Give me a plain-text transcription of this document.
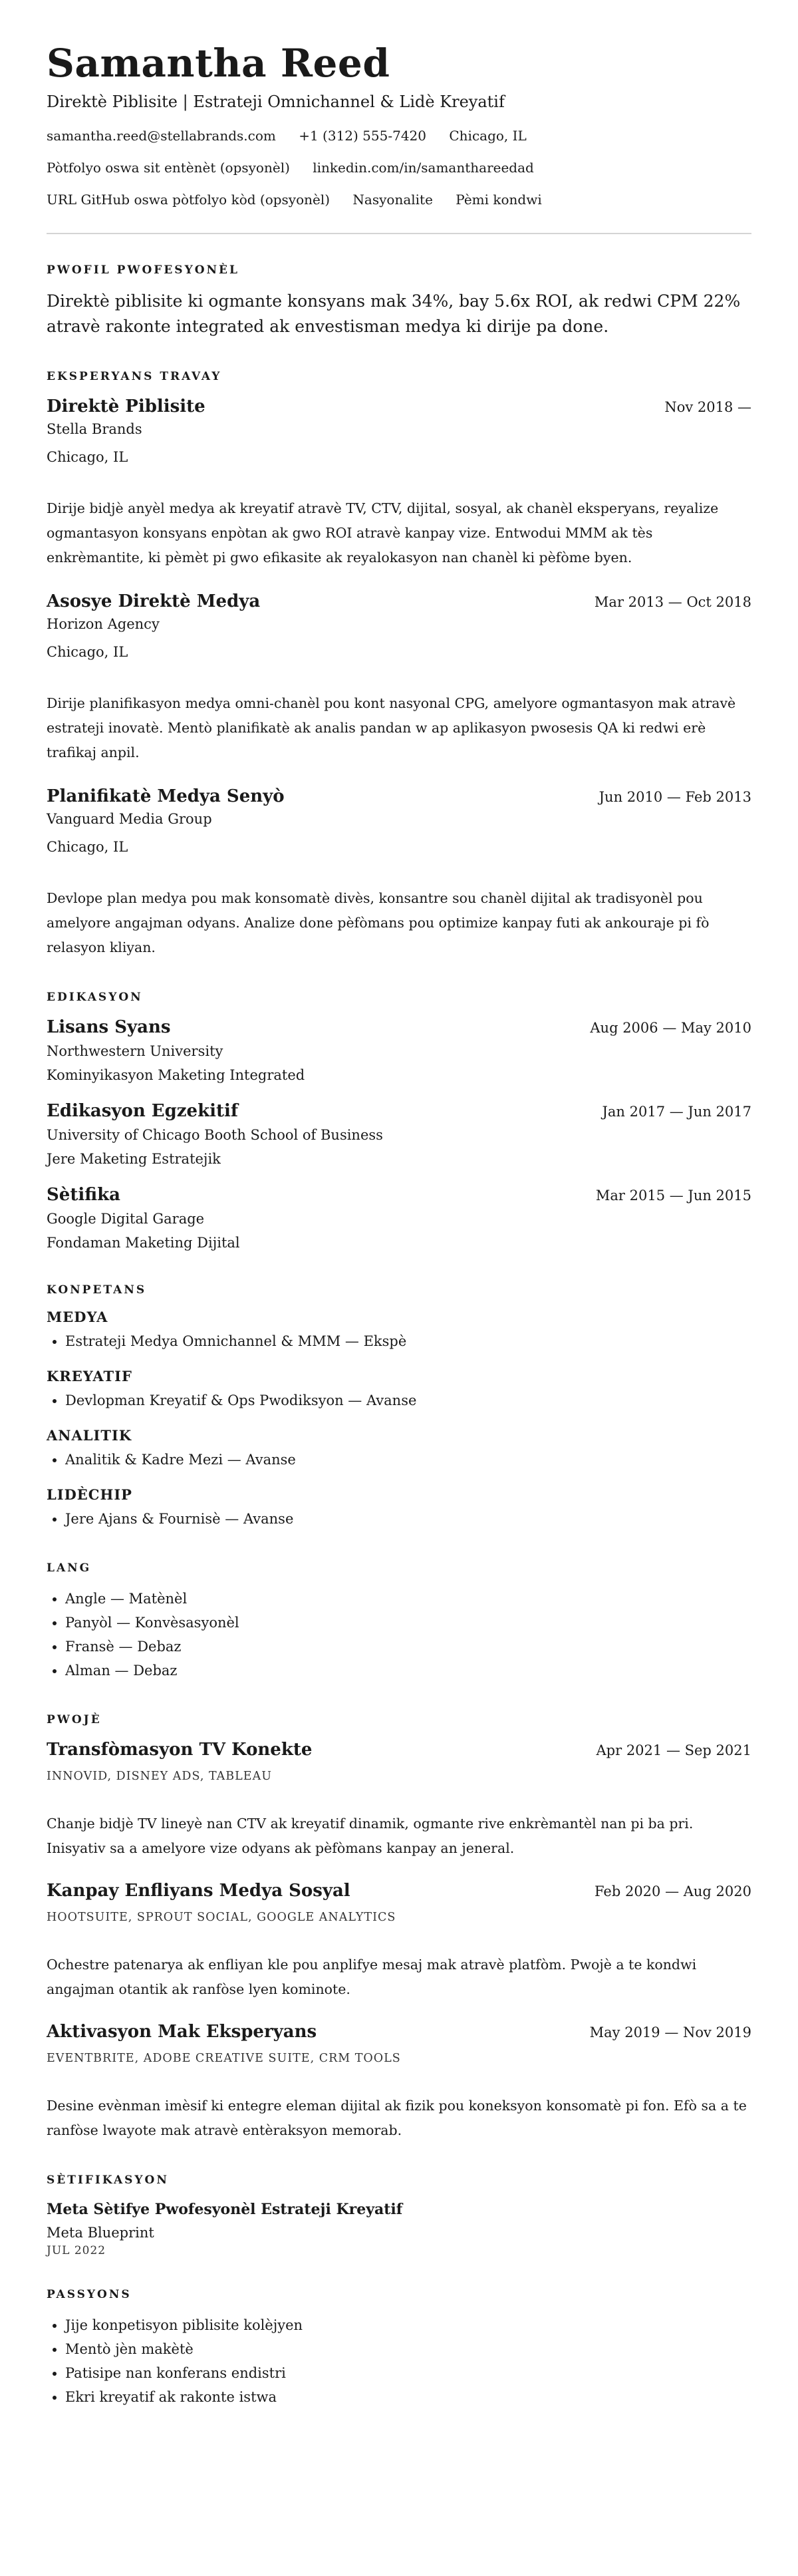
Samantha Reed
Direktè Piblisite | Estrateji Omnichannel & Lidè Kreyatif
samantha.reed@stellabrands.com +1 (312) 555-7420 Chicago, IL
Pòtfolyo oswa sit entènèt (opsyonèl) linkedin.com/in/samanthareedad
URL GitHub oswa pòtfolyo kòd (opsyonèl) Nasyonalite Pèmi kondwi
PWOFIL PWOFESYONÈL

Direktè piblisite ki ogmante konsyans mak 34%, bay 5.6x ROI, ak redwi CPM 22% atravè rakonte integrated ak envestisman medya ki dirije pa done.

EKSPERYANS TRAVAY
Direktè Piblisite	Nov 2018 —
Stella Brands
Chicago, IL
Dirije bidjè anyèl medya ak kreyatif atravè TV, CTV, dijital, sosyal, ak chanèl eksperyans, reyalize ogmantasyon konsyans enpòtan ak gwo ROI atravè kanpay vize. Entwodui MMM ak tès enkrèmantite, ki pèmèt pi gwo efikasite ak reyalokasyon nan chanèl ki pèfòme byen.
Asosye Direktè Medya	Mar 2013 — Oct 2018
Horizon Agency
Chicago, IL
Dirije planifikasyon medya omni-chanèl pou kont nasyonal CPG, amelyore ogmantasyon mak atravè estrateji inovatè. Mentò planifikatè ak analis pandan w ap aplikasyon pwosesis QA ki redwi erè trafikaj anpil.
Planifikatè Medya Senyò	Jun 2010 — Feb 2013
Vanguard Media Group
Chicago, IL
Devlope plan medya pou mak konsomatè divès, konsantre sou chanèl dijital ak tradisyonèl pou amelyore angajman odyans. Analize done pèfòmans pou optimize kanpay futi ak ankouraje pi fò relasyon kliyan.
EDIKASYON
Lisans Syans	Aug 2006 — May 2010
Northwestern University
Kominyikasyon Maketing Integrated
Edikasyon Egzekitif	Jan 2017 — Jun 2017
University of Chicago Booth School of Business
Jere Maketing Estratejik
Sètifika	Mar 2015 — Jun 2015
Google Digital Garage
Fondaman Maketing Dijital
KONPETANS
MEDYA
• Estrateji Medya Omnichannel & MMM — Ekspè
KREYATIF
• Devlopman Kreyatif & Ops Pwodiksyon — Avanse
ANALITIK
• Analitik & Kadre Mezi — Avanse
LIDÈCHIP
• Jere Ajans & Fournisè — Avanse
LANG
• Angle — Matènèl
• Panyòl — Konvèsasyonèl
• Fransè — Debaz
• Alman — Debaz
PWOJÈ
Transfòmasyon TV Konekte	Apr 2021 — Sep 2021
INNOVID, DISNEY ADS, TABLEAU
Chanje bidjè TV lineyè nan CTV ak kreyatif dinamik, ogmante rive enkrèmantèl nan pi ba pri. Inisyativ sa a amelyore vize odyans ak pèfòmans kanpay an jeneral.
Kanpay Enfliyans Medya Sosyal	Feb 2020 — Aug 2020
HOOTSUITE, SPROUT SOCIAL, GOOGLE ANALYTICS
Ochestre patenarya ak enfliyan kle pou anplifye mesaj mak atravè platfòm. Pwojè a te kondwi angajman otantik ak ranfòse lyen kominote.
Aktivasyon Mak Eksperyans	May 2019 — Nov 2019
EVENTBRITE, ADOBE CREATIVE SUITE, CRM TOOLS
Desine evènman imèsif ki entegre eleman dijital ak fizik pou koneksyon konsomatè pi fon. Efò sa a te ranfòse lwayote mak atravè entèraksyon memorab.
SÈTIFIKASYON
Meta Sètifye Pwofesyonèl Estrateji Kreyatif
Meta Blueprint
JUL 2022
PASSYONS
• Jije konpetisyon piblisite kolèjyen
• Mentò jèn makètè
• Patisipe nan konferans endistri
• Ekri kreyatif ak rakonte istwa
